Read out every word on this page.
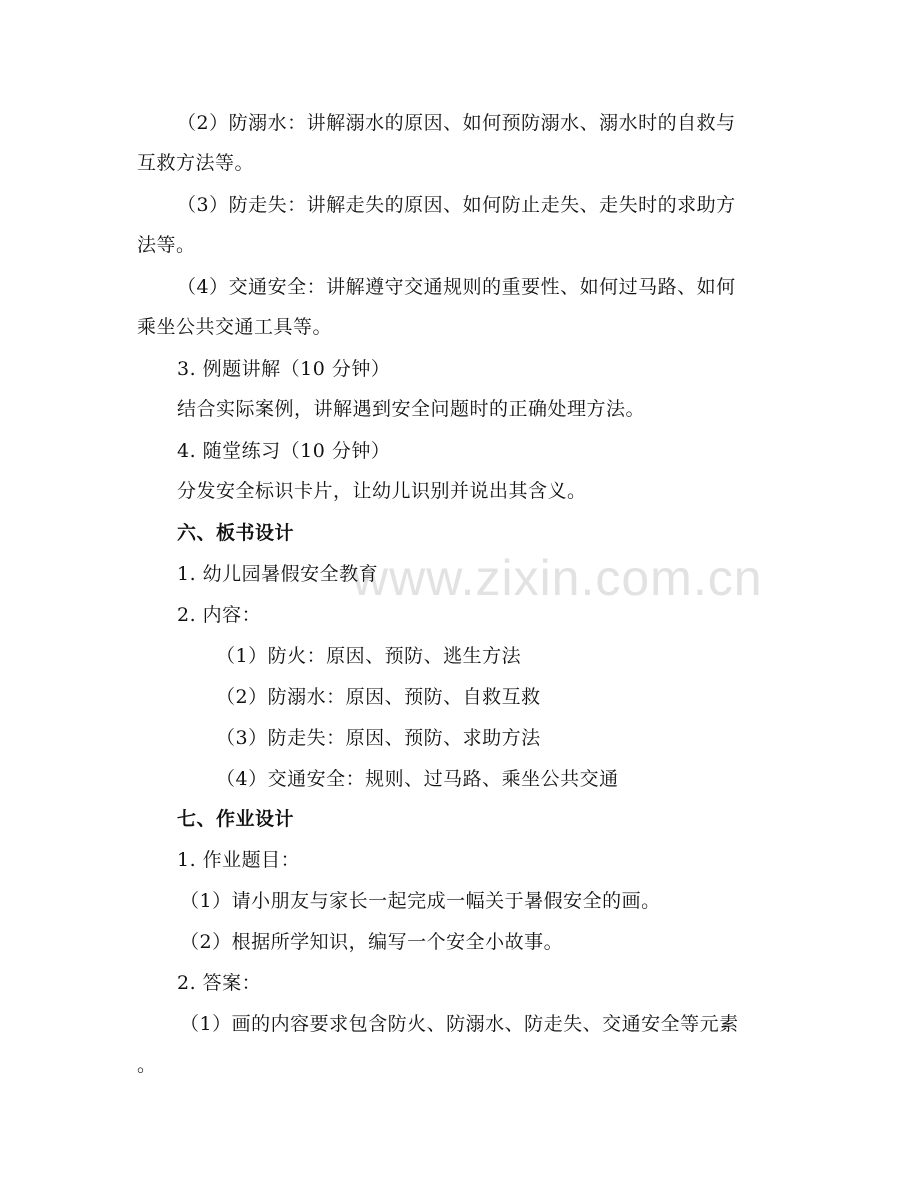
www.zixin.com.cn
（2）防溺水：讲解溺水的原因、如何预防溺水、溺水时的自救与
互救方法等。
（3）防走失：讲解走失的原因、如何防止走失、走失时的求助方
法等。
（4）交通安全：讲解遵守交通规则的重要性、如何过马路、如何
乘坐公共交通工具等。
3. 例题讲解（10 分钟）
结合实际案例，讲解遇到安全问题时的正确处理方法。
4. 随堂练习（10 分钟）
分发安全标识卡片，让幼儿识别并说出其含义。
六、板书设计
1. 幼儿园暑假安全教育
2. 内容：
（1）防火：原因、预防、逃生方法
（2）防溺水：原因、预防、自救互救
（3）防走失：原因、预防、求助方法
（4）交通安全：规则、过马路、乘坐公共交通
七、作业设计
1. 作业题目：
（1）请小朋友与家长一起完成一幅关于暑假安全的画。
（2）根据所学知识，编写一个安全小故事。
2. 答案：
（1）画的内容要求包含防火、防溺水、防走失、交通安全等元素
。
